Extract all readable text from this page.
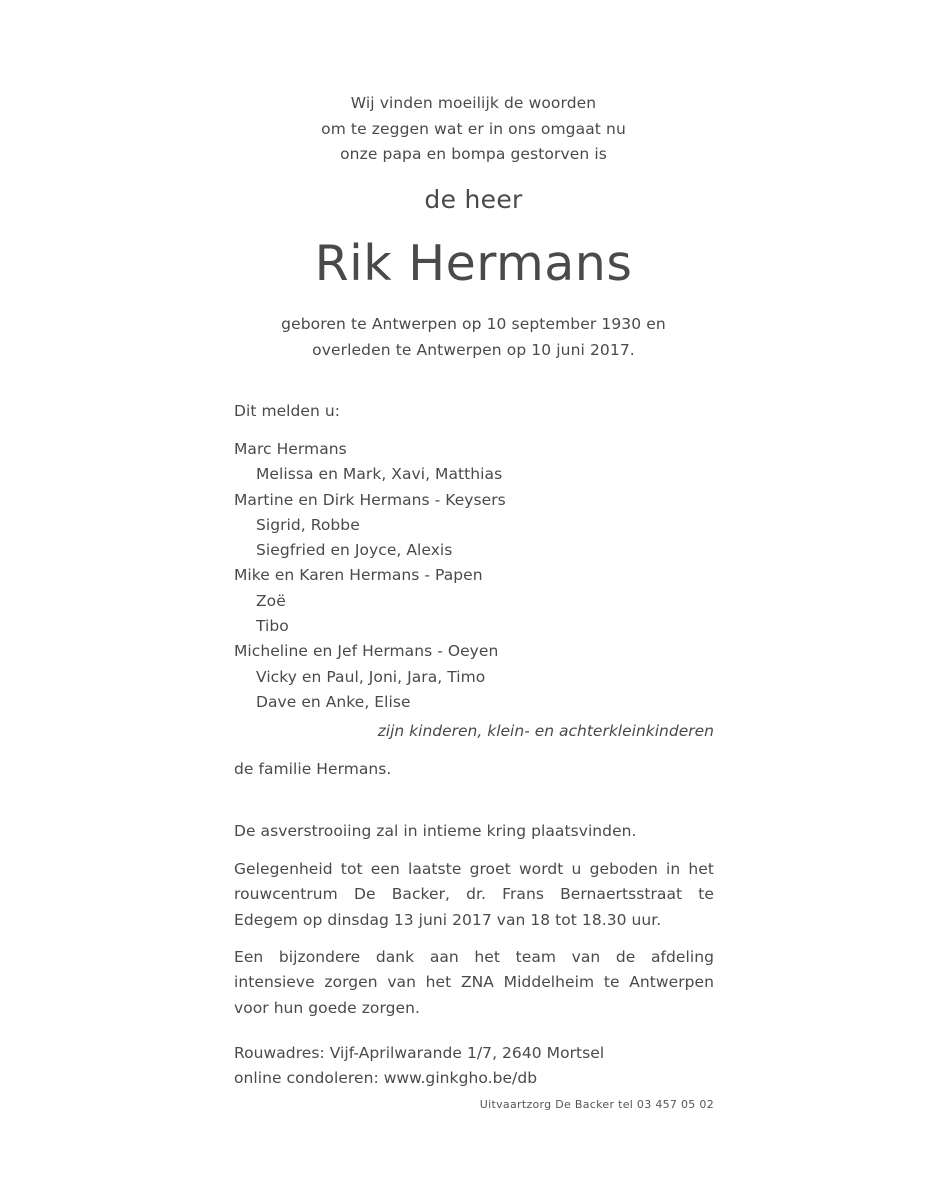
Wij vinden moeilijk de woorden
om te zeggen wat er in ons omgaat nu
onze papa en bompa gestorven is
de heer
Rik Hermans
geboren te Antwerpen op 10 september 1930 en
overleden te Antwerpen op 10 juni 2017.
Dit melden u:
Marc Hermans
Melissa en Mark, Xavi, Matthias
Martine en Dirk Hermans - Keysers
Sigrid, Robbe
Siegfried en Joyce, Alexis
Mike en Karen Hermans - Papen
Zoë
Tibo
Micheline en Jef Hermans - Oeyen
Vicky en Paul, Joni, Jara, Timo
Dave en Anke, Elise
zijn kinderen, klein- en achterkleinkinderen
de familie Hermans.
De asverstrooiing zal in intieme kring plaatsvinden.
Gelegenheid tot een laatste groet wordt u geboden in het rouwcentrum De Backer, dr. Frans Bernaertsstraat te Edegem op dinsdag 13 juni 2017 van 18 tot 18.30 uur.
Een bijzondere dank aan het team van de afdeling intensieve zorgen van het ZNA Middelheim te Antwerpen voor hun goede zorgen.
Rouwadres: Vijf-Aprilwarande 1/7, 2640 Mortsel
online condoleren: www.ginkgho.be/db
Uitvaartzorg De Backer tel 03 457 05 02
